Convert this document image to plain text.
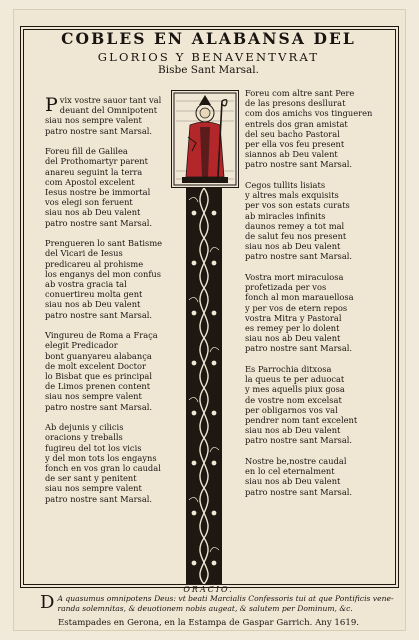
COBLES EN ALABANSA DEL
GLORIOS Y BENAVENTVRAT
Bisbe Sant Marsal.
P vix vostre sauor tant val
deuant del Omnipotent
siau nos sempre valent
patro nostre sant Marsal.
Foreu fill de Galilea
del Prothomartyr parent
anareu seguint la terra
com Apostol excelent
Iesus nostre be immortal
vos elegi son feruent
siau nos ab Deu valent
patro nostre sant Marsal.
Prengueren lo sant Batisme
del Vicari de Iesus
predicareu al prohisme
los enganys del mon confus
ab vostra gracia tal
conuertireu molta gent
siau nos ab Deu valent
patro nostre sant Marsal.
Vingureu de Roma a Fraça
elegit Predicador
bont guanyareu alabança
de molt excelent Doctor
lo Bisbat que es principal
de Limos prenen content
siau nos sempre valent
patro nostre sant Marsal.
Ab dejunis y cilicis
oracions y treballs
fugireu del tot los vicis
y del mon tots los engayns
fonch en vos gran lo caudal
de ser sant y penitent
siau nos sempre valent
patro nostre sant Marsal.
Foreu com altre sant Pere
de las presons desllurat
com dos amichs vos tingueren
entrels dos gran amistat
del seu bacho Pastoral
per ella vos feu present
siannos ab Deu valent
patro nostre sant Marsal.
Cegos tullits lisiats
y altres mals exquisits
per vos son estats curats
ab miracles infinits
daunos remey a tot mal
de salut feu nos present
siau nos ab Deu valent
patro nostre sant Marsal.
Vostra mort miraculosa
profetizada per vos
fonch al mon marauellosa
y per vos de etern repos
vostra Mitra y Pastoral
es remey per lo dolent
siau nos ab Deu valent
patro nostre sant Marsal.
Es Parrochia ditxosa
la queus te per aduocat
y mes aquells piux gosa
de vostre nom excelsat
per obligarnos vos val
pendrer nom tant excelent
siau nos ab Deu valent
patro nostre sant Marsal.
Nostre be,nostre caudal
en lo cel eternalment
siau nos ab Deu valent
patro nostre sant Marsal.
ORACIO.
D A quasumus omnipotens Deus: vt beati Marcialis Confessoris tui at que Pontificis vene-
randa solemnitas, & deuotionem nobis augeat, & salutem per Dominum, &c.
Estampades en Gerona, en la Estampa de Gaspar Garrich. Any 1619.
